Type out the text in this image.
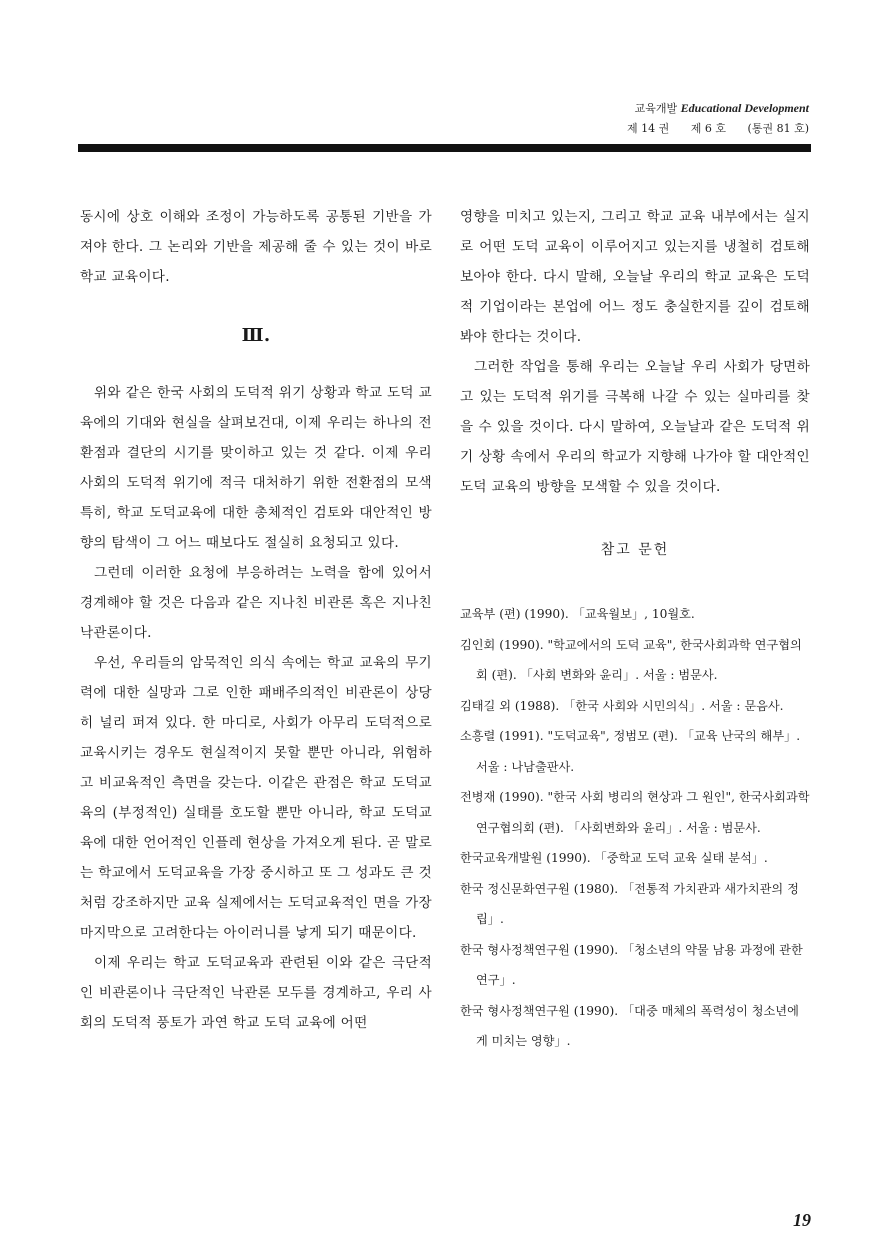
교육개발 Educational Development
제 14 권 제 6 호 (통권 81 호)

동시에 상호 이해와 조정이 가능하도록 공통된 기반을 가져야 한다. 그 논리와 기반을 제공해 줄 수 있는 것이 바로 학교 교육이다.

Ⅲ.

위와 같은 한국 사회의 도덕적 위기 상황과 학교 도덕 교육에의 기대와 현실을 살펴보건대, 이제 우리는 하나의 전환점과 결단의 시기를 맞이하고 있는 것 같다. 이제 우리 사회의 도덕적 위기에 적극 대처하기 위한 전환점의 모색 특히, 학교 도덕교육에 대한 총체적인 검토와 대안적인 방향의 탐색이 그 어느 때보다도 절실히 요청되고 있다.

그런데 이러한 요청에 부응하려는 노력을 함에 있어서 경계해야 할 것은 다음과 같은 지나친 비관론 혹은 지나친 낙관론이다.

우선, 우리들의 암묵적인 의식 속에는 학교 교육의 무기력에 대한 실망과 그로 인한 패배주의적인 비관론이 상당히 널리 퍼져 있다. 한 마디로, 사회가 아무리 도덕적으로 교육시키는 경우도 현실적이지 못할 뿐만 아니라, 위험하고 비교육적인 측면을 갖는다. 이같은 관점은 학교 도덕교육의 (부정적인) 실태를 호도할 뿐만 아니라, 학교 도덕교육에 대한 언어적인 인플레 현상을 가져오게 된다. 곧 말로는 학교에서 도덕교육을 가장 중시하고 또 그 성과도 큰 것처럼 강조하지만 교육 실제에서는 도덕교육적인 면을 가장 마지막으로 고려한다는 아이러니를 낳게 되기 때문이다.

이제 우리는 학교 도덕교육과 관련된 이와 같은 극단적인 비관론이나 극단적인 낙관론 모두를 경계하고, 우리 사회의 도덕적 풍토가 과연 학교 도덕 교육에 어떤

영향을 미치고 있는지, 그리고 학교 교육 내부에서는 실지로 어떤 도덕 교육이 이루어지고 있는지를 냉철히 검토해 보아야 한다. 다시 말해, 오늘날 우리의 학교 교육은 도덕적 기업이라는 본업에 어느 정도 충실한지를 깊이 검토해 봐야 한다는 것이다.

그러한 작업을 통해 우리는 오늘날 우리 사회가 당면하고 있는 도덕적 위기를 극복해 나갈 수 있는 실마리를 찾을 수 있을 것이다. 다시 말하여, 오늘날과 같은 도덕적 위기 상황 속에서 우리의 학교가 지향해 나가야 할 대안적인 도덕 교육의 방향을 모색할 수 있을 것이다.

참고 문헌
교육부 (편) (1990). 「교육월보」, 10월호.
김인회 (1990). "학교에서의 도덕 교육", 한국사회과학 연구협의회 (편). 「사회 변화와 윤리」. 서울 : 범문사.
김태길 외 (1988). 「한국 사회와 시민의식」. 서울 : 문음사.
소흥렬 (1991). "도덕교육", 정범모 (편). 「교육 난국의 해부」. 서울 : 나남출판사.
전병재 (1990). "한국 사회 병리의 현상과 그 원인", 한국사회과학 연구협의회 (편). 「사회변화와 윤리」. 서울 : 범문사.
한국교육개발원 (1990). 「중학교 도덕 교육 실태 분석」.
한국 정신문화연구원 (1980). 「전통적 가치관과 새가치관의 정립」.
한국 형사정책연구원 (1990). 「청소년의 약물 남용 과정에 관한 연구」.
한국 형사정책연구원 (1990). 「대중 매체의 폭력성이 청소년에게 미치는 영향」.
19
